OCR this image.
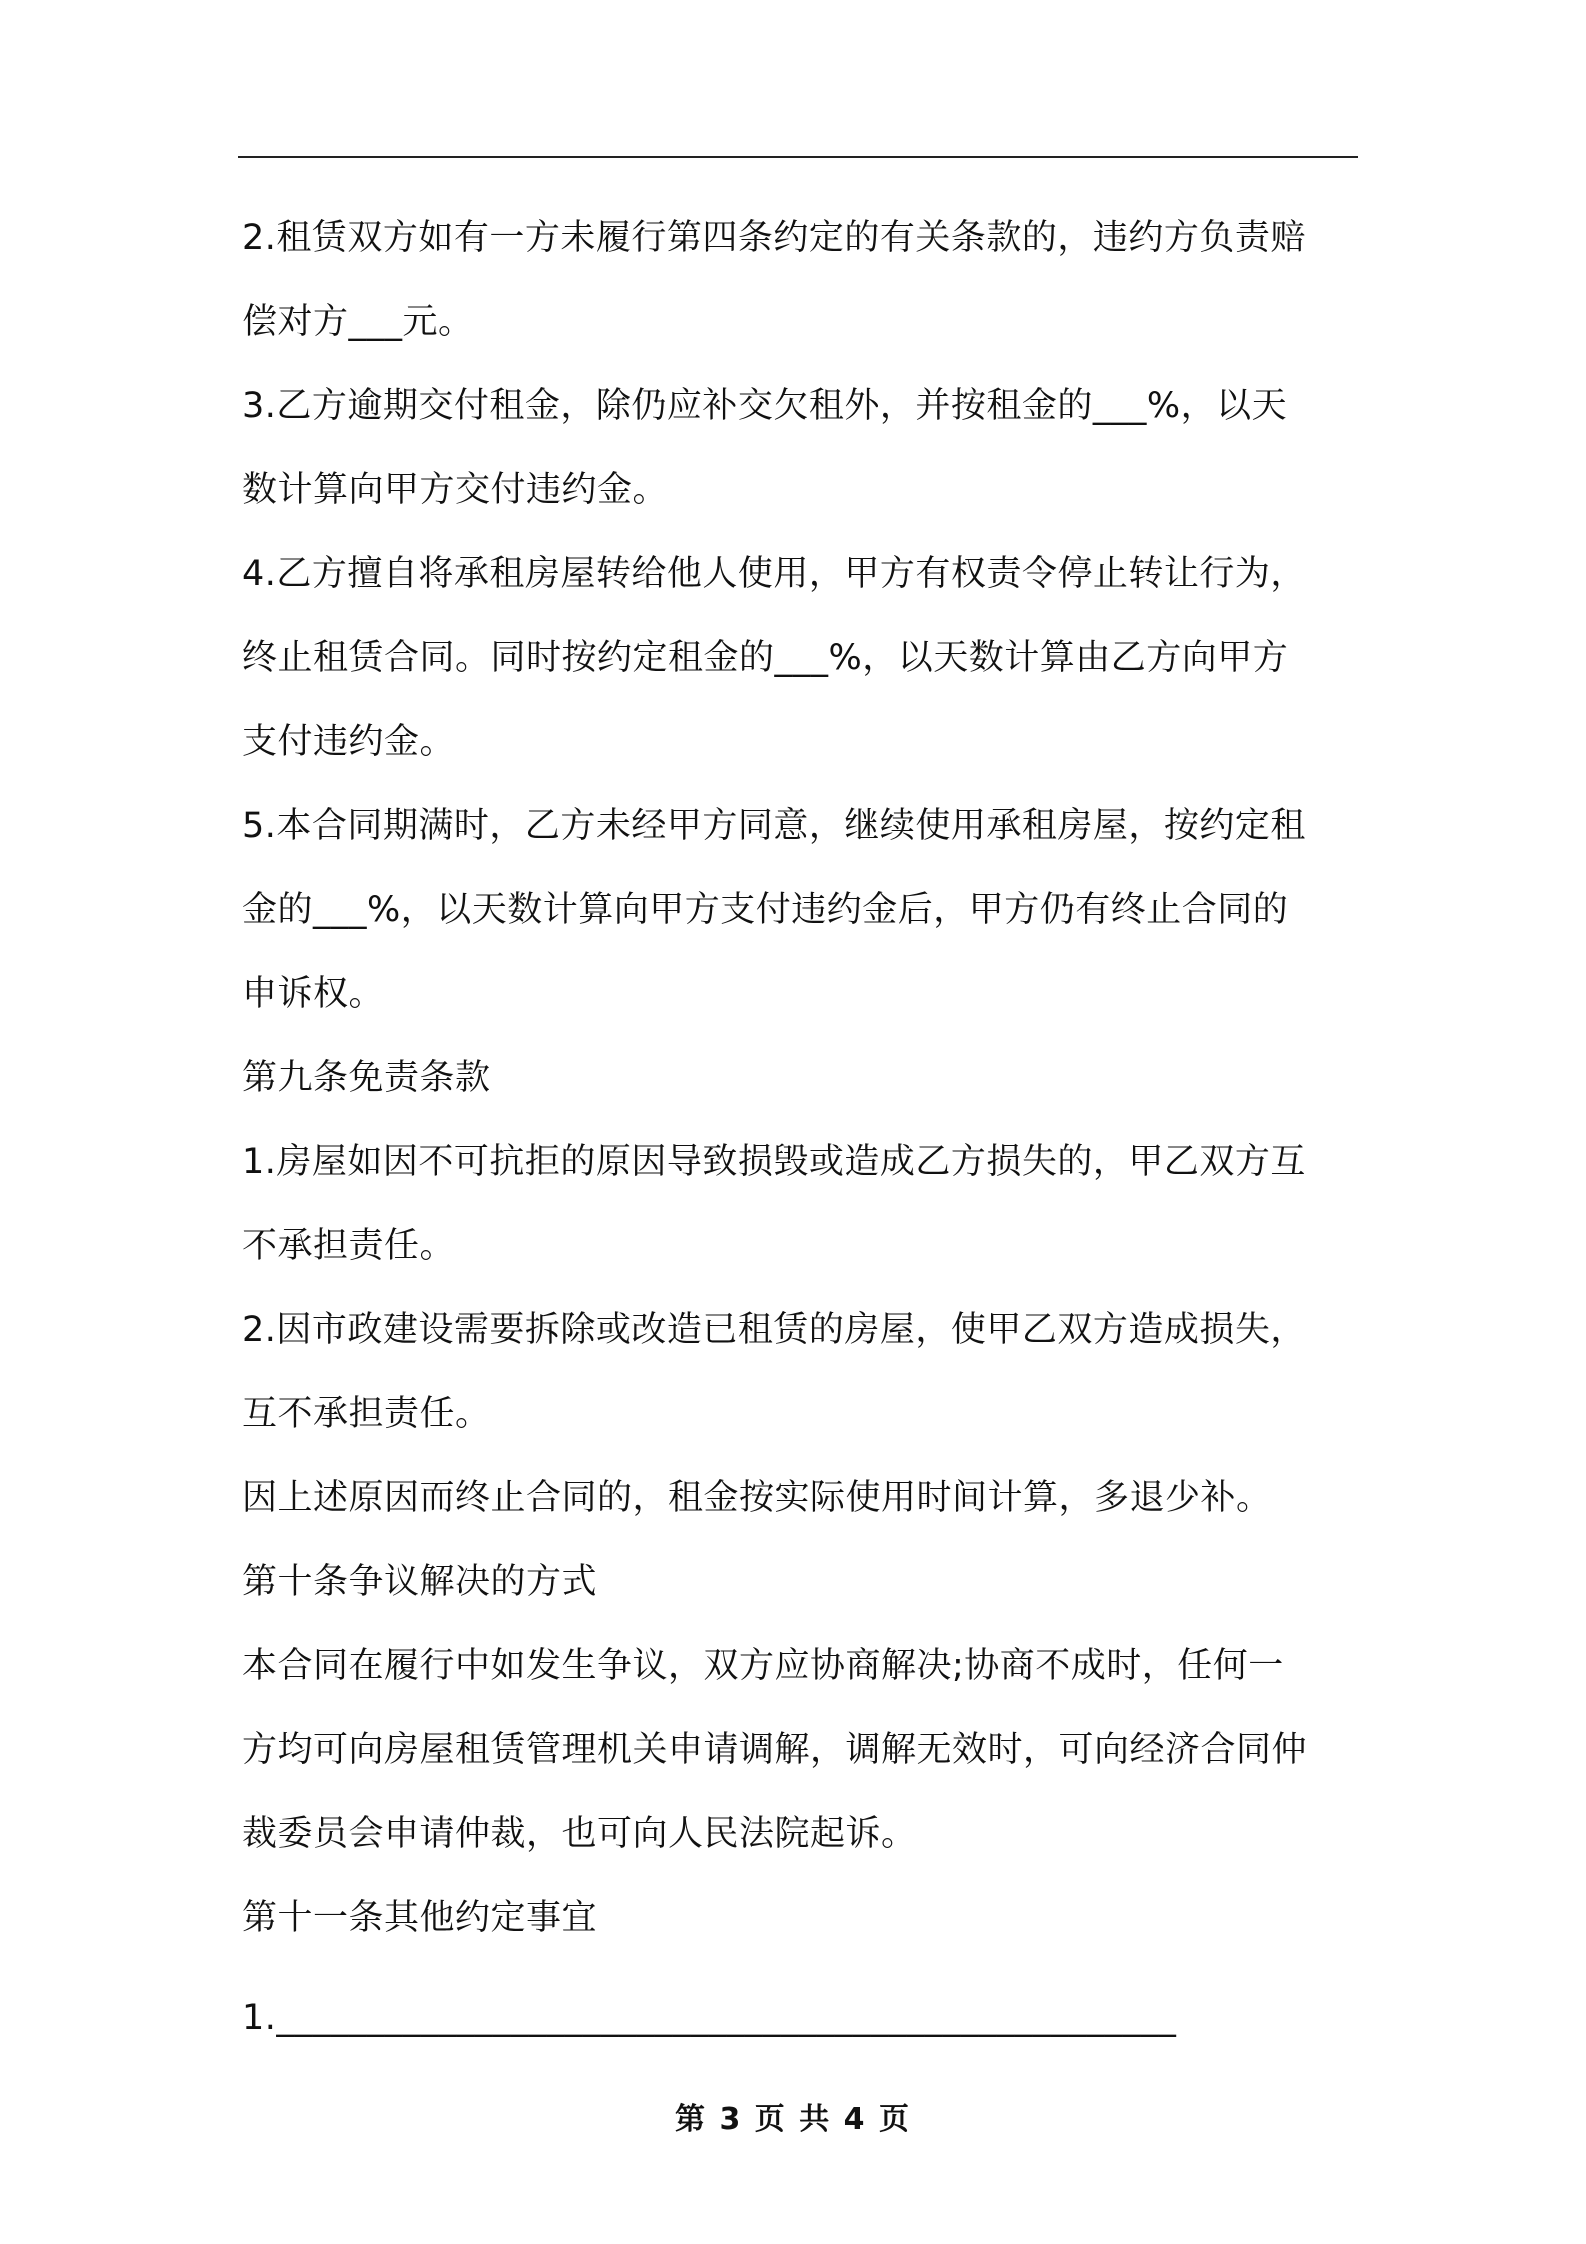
2.租赁双方如有一方未履行第四条约定的有关条款的，违约方负责赔
偿对方___元。
3.乙方逾期交付租金，除仍应补交欠租外，并按租金的___%，以天
数计算向甲方交付违约金。
4.乙方擅自将承租房屋转给他人使用，甲方有权责令停止转让行为，
终止租赁合同。同时按约定租金的___%，以天数计算由乙方向甲方
支付违约金。
5.本合同期满时，乙方未经甲方同意，继续使用承租房屋，按约定租
金的___%，以天数计算向甲方支付违约金后，甲方仍有终止合同的
申诉权。
第九条免责条款
1.房屋如因不可抗拒的原因导致损毁或造成乙方损失的，甲乙双方互
不承担责任。
2.因市政建设需要拆除或改造已租赁的房屋，使甲乙双方造成损失，
互不承担责任。
因上述原因而终止合同的，租金按实际使用时间计算，多退少补。
第十条争议解决的方式
本合同在履行中如发生争议，双方应协商解决;协商不成时，任何一
方均可向房屋租赁管理机关申请调解，调解无效时，可向经济合同仲
裁委员会申请仲裁，也可向人民法院起诉。
第十一条其他约定事宜
1.__________________________________________________
第 3 页 共 4 页
